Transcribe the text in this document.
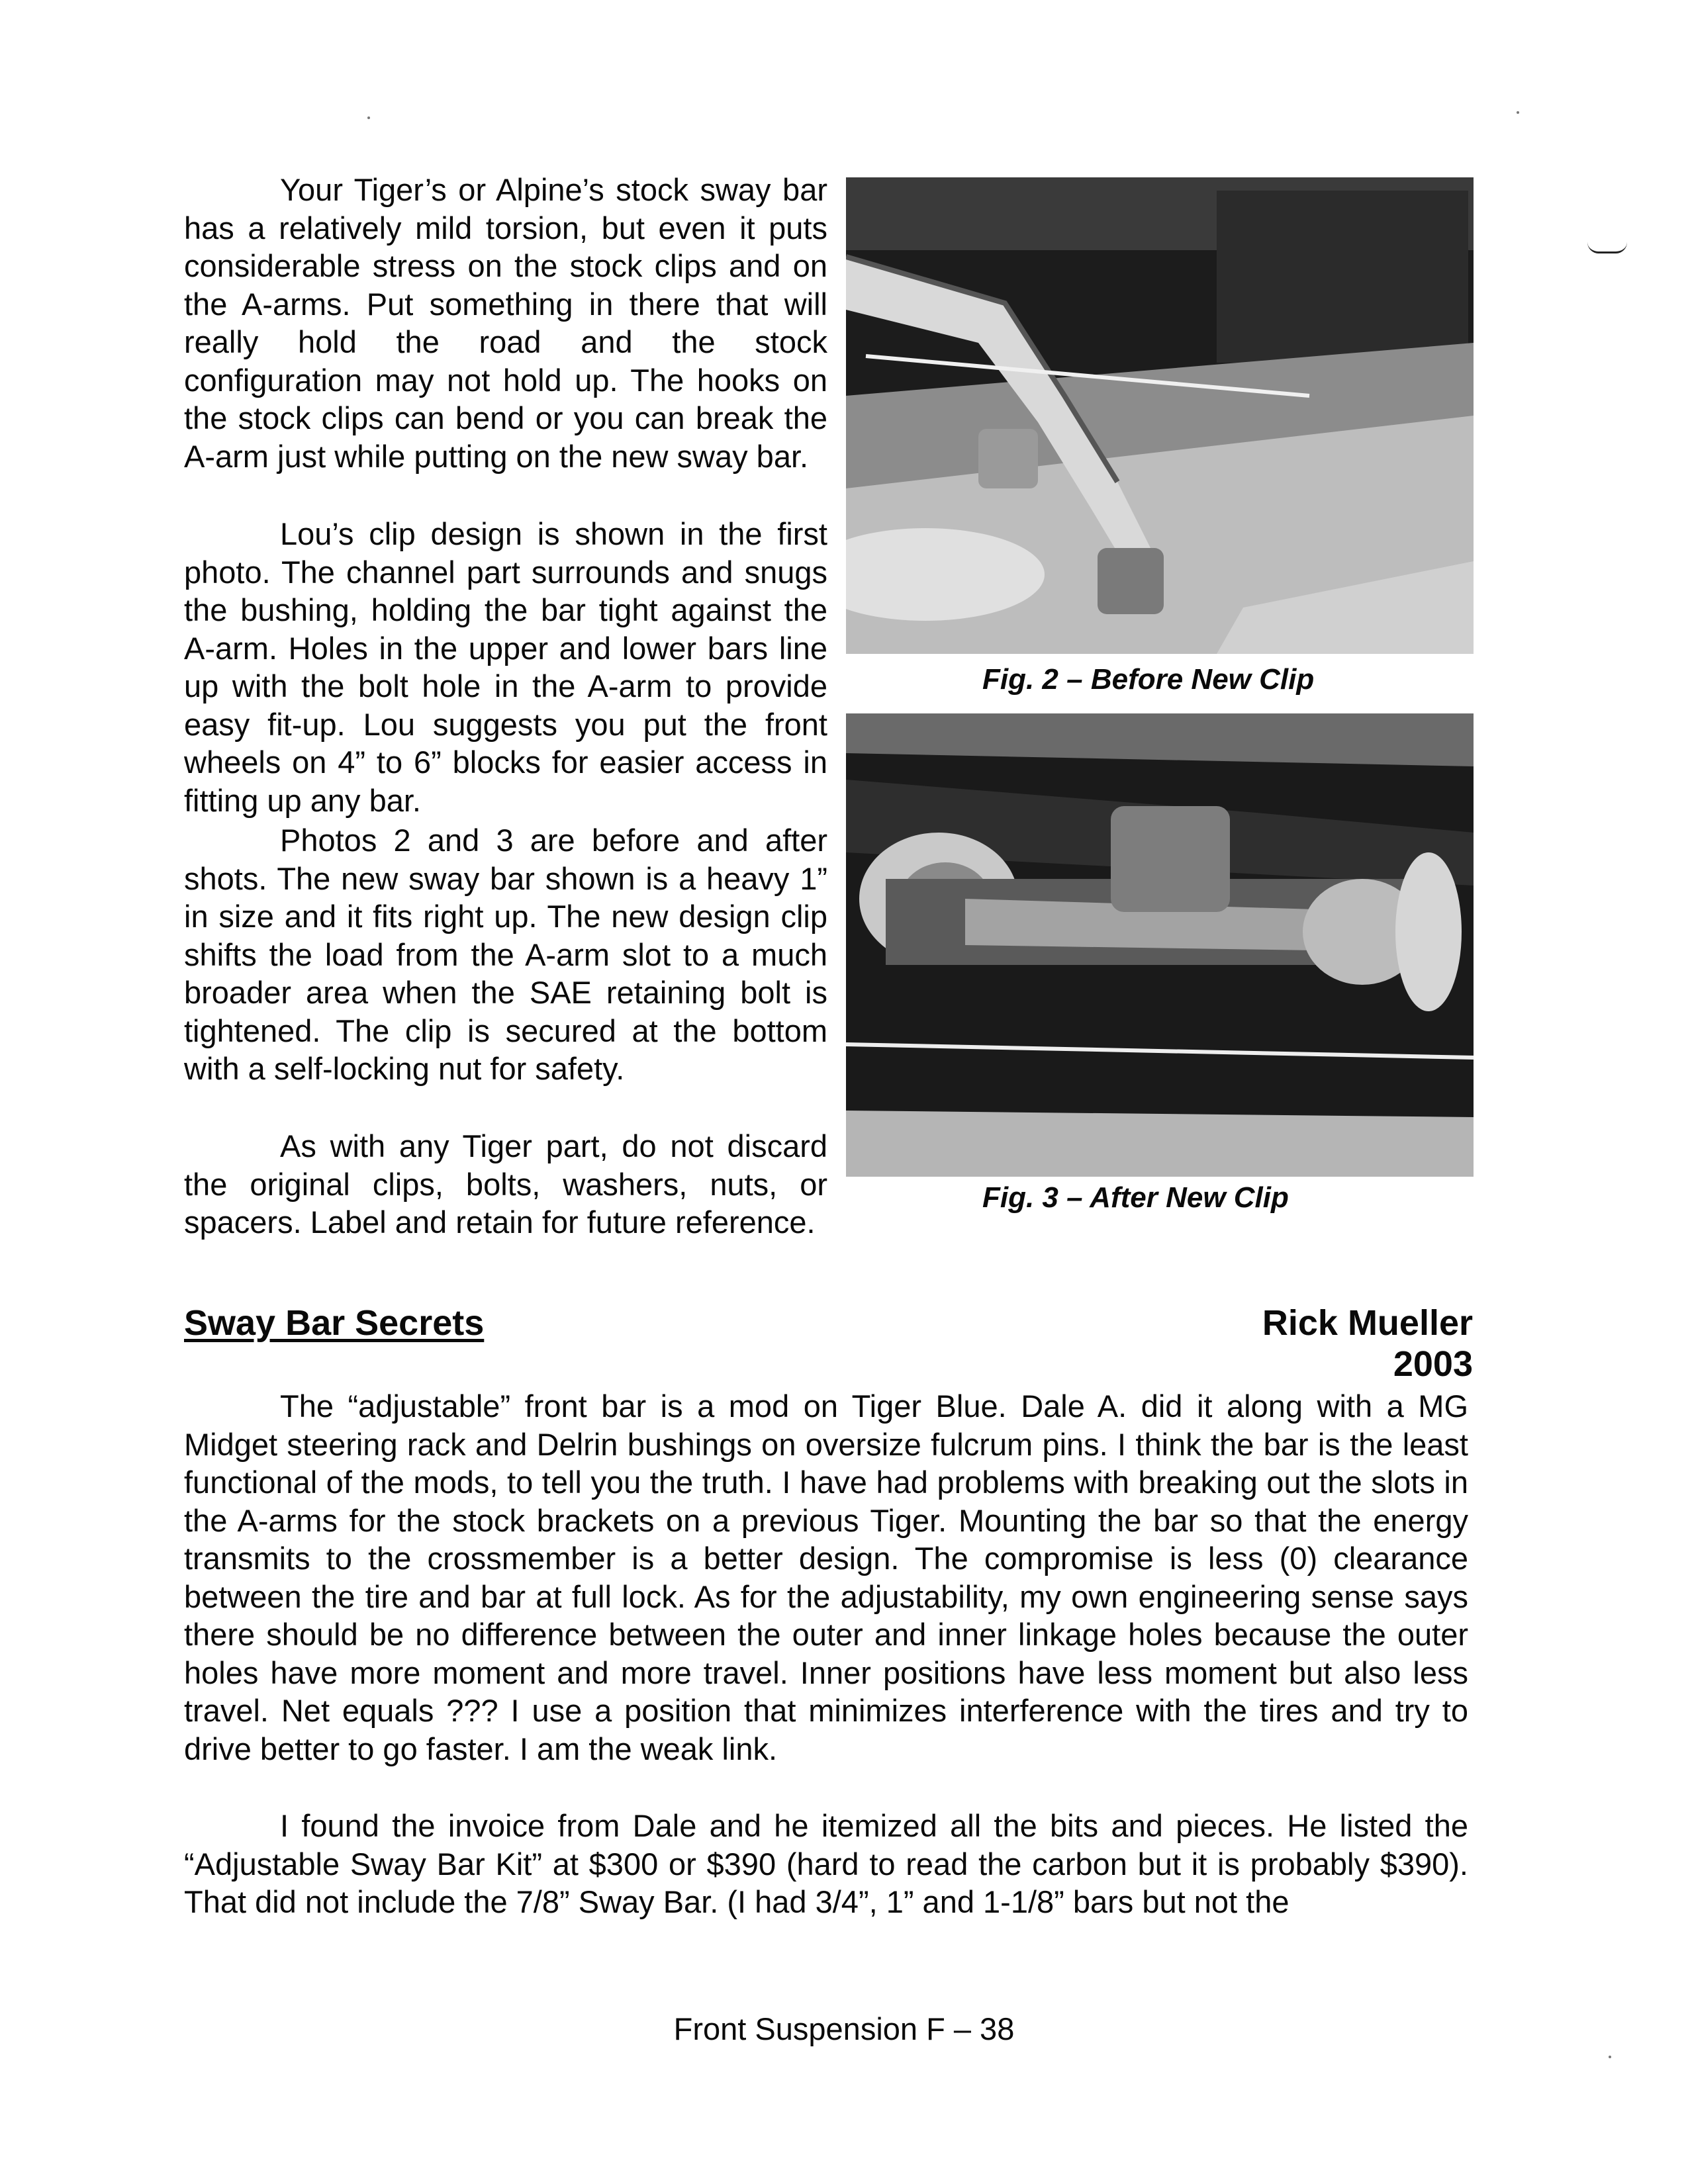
Your Tiger’s or Alpine’s stock sway bar has a relatively mild torsion, but even it puts considerable stress on the stock clips and on the A-arms. Put something in there that will really hold the road and the stock configuration may not hold up. The hooks on the stock clips can bend or you can break the A-arm just while putting on the new sway bar.

Lou’s clip design is shown in the first photo. The channel part surrounds and snugs the bushing, holding the bar tight against the A-arm. Holes in the upper and lower bars line up with the bolt hole in the A-arm to provide easy fit-up. Lou suggests you put the front wheels on 4” to 6” blocks for easier access in fitting up any bar.

Photos 2 and 3 are before and after shots. The new sway bar shown is a heavy 1” in size and it fits right up. The new design clip shifts the load from the A-arm slot to a much broader area when the SAE retaining bolt is tightened. The clip is secured at the bottom with a self-locking nut for safety.

As with any Tiger part, do not discard the original clips, bolts, washers, nuts, or spacers. Label and retain for future reference.

Fig. 2 – Before New Clip
Fig. 3 – After New Clip
Sway Bar Secrets	Rick Mueller
2003

The “adjustable” front bar is a mod on Tiger Blue. Dale A. did it along with a MG Midget steering rack and Delrin bushings on oversize fulcrum pins. I think the bar is the least functional of the mods, to tell you the truth. I have had problems with breaking out the slots in the A-arms for the stock brackets on a previous Tiger. Mounting the bar so that the energy transmits to the crossmember is a better design. The compromise is less (0) clearance between the tire and bar at full lock. As for the adjustability, my own engineering sense says there should be no difference between the outer and inner linkage holes because the outer holes have more moment and more travel. Inner positions have less moment but also less travel. Net equals ??? I use a position that minimizes interference with the tires and try to drive better to go faster. I am the weak link.

I found the invoice from Dale and he itemized all the bits and pieces. He listed the “Adjustable Sway Bar Kit” at $300 or $390 (hard to read the carbon but it is probably $390). That did not include the 7/8” Sway Bar. (I had 3/4”, 1” and 1-1/8” bars but not the

Front Suspension F – 38
